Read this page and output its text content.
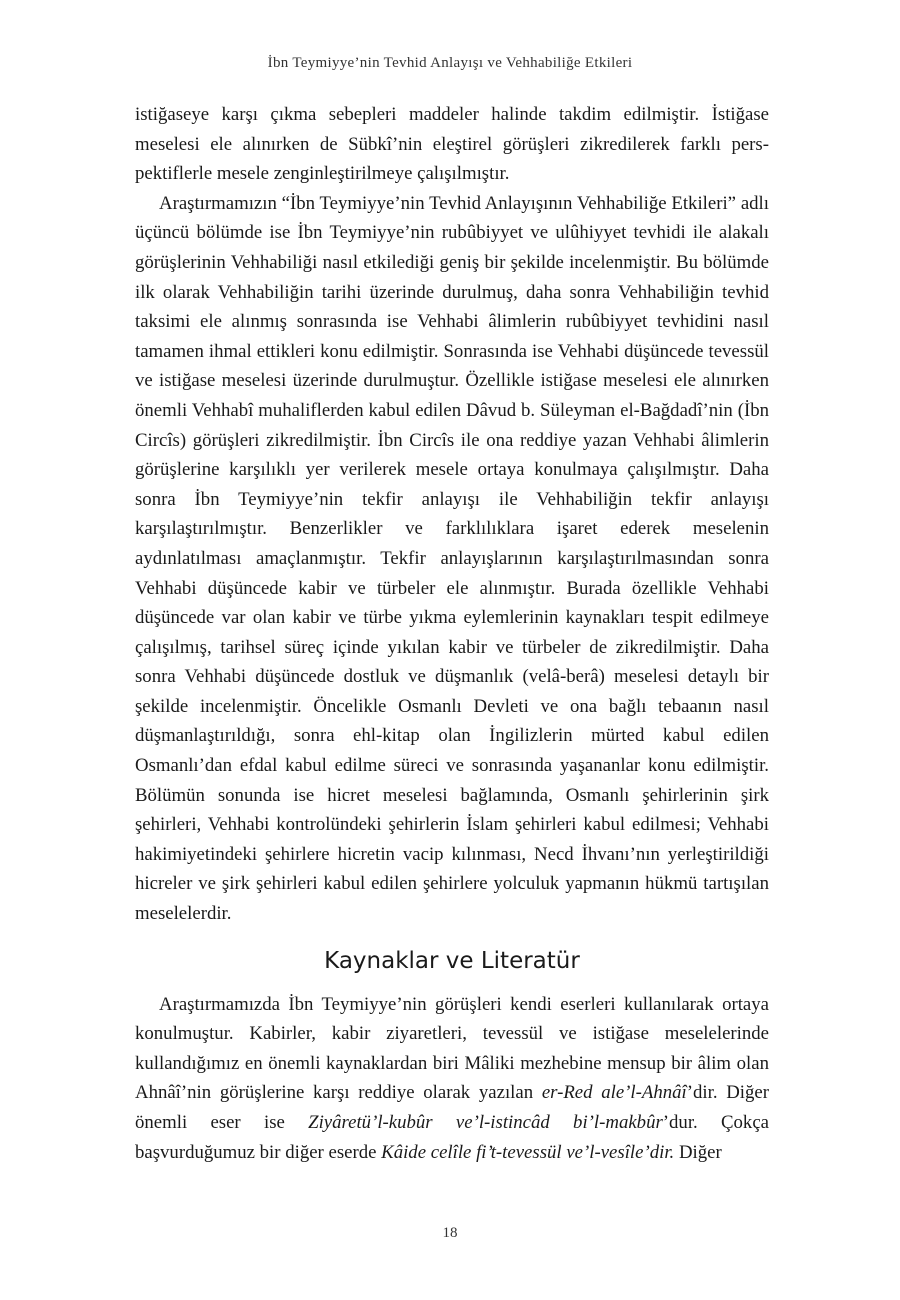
İbn Teymiyye’nin Tevhid Anlayışı ve Vehhabiliğe Etkileri

istiğaseye karşı çıkma sebepleri maddeler halinde takdim edilmiştir. İstiğase meselesi ele alınırken de Sübkî’nin eleştirel görüşleri zikredilerek farklı perspektiflerle mesele zenginleştirilmeye çalışılmıştır.

Araştırmamızın “İbn Teymiyye’nin Tevhid Anlayışının Vehhabiliğe Etkileri” adlı üçüncü bölümde ise İbn Teymiyye’nin rubûbiyyet ve ulûhiyyet tevhidi ile alakalı görüşlerinin Vehhabiliği nasıl etkilediği geniş bir şekilde incelenmiştir. Bu bölümde ilk olarak Vehhabiliğin tarihi üzerinde durulmuş, daha sonra Vehhabiliğin tevhid taksimi ele alınmış sonrasında ise Vehhabi âlimlerin rubûbiyyet tevhidini nasıl tamamen ihmal ettikleri konu edilmiştir. Sonrasında ise Vehhabi düşüncede tevessül ve istiğase meselesi üzerinde durulmuştur. Özellikle istiğase meselesi ele alınırken önemli Vehhabî muhaliflerden kabul edilen Dâvud b. Süleyman el-Bağdadî’nin (İbn Circîs) görüşleri zikredilmiştir. İbn Circîs ile ona reddiye yazan Vehhabi âlimlerin görüşlerine karşılıklı yer verilerek mesele ortaya konulmaya çalışılmıştır. Daha sonra İbn Teymiyye’nin tekfir anlayışı ile Vehhabiliğin tekfir anlayışı karşılaştırılmıştır. Benzerlikler ve farklılıklara işaret ederek meselenin aydınlatılması amaçlanmıştır. Tekfir anlayışlarının karşılaştırılmasından sonra Vehhabi düşüncede kabir ve türbeler ele alınmıştır. Burada özellikle Vehhabi düşüncede var olan kabir ve türbe yıkma eylemlerinin kaynakları tespit edilmeye çalışılmış, tarihsel süreç içinde yıkılan kabir ve türbeler de zikredilmiştir. Daha sonra Vehhabi düşüncede dostluk ve düşmanlık (velâ-berâ) meselesi detaylı bir şekilde incelenmiştir. Öncelikle Osmanlı Devleti ve ona bağlı tebaanın nasıl düşmanlaştırıldığı, sonra ehl-kitap olan İngilizlerin mürted kabul edilen Osmanlı’dan efdal kabul edilme süreci ve sonrasında yaşananlar konu edilmiştir. Bölümün sonunda ise hicret meselesi bağlamında, Osmanlı şehirlerinin şirk şehirleri, Vehhabi kontrolündeki şehirlerin İslam şehirleri kabul edilmesi; Vehhabi hakimiyetindeki şehirlere hicretin vacip kılınması, Necd İhvanı’nın yerleştirildiği hicreler ve şirk şehirleri kabul edilen şehirlere yolculuk yapmanın hükmü tartışılan meselelerdir.

Kaynaklar ve Literatür

Araştırmamızda İbn Teymiyye’nin görüşleri kendi eserleri kullanılarak ortaya konulmuştur. Kabirler, kabir ziyaretleri, tevessül ve istiğase meselelerinde kullandığımız en önemli kaynaklardan biri Mâliki mezhebine mensup bir âlim olan Ahnâî’nin görüşlerine karşı reddiye olarak yazılan er-Red ale’l-Ahnâî’dir. Diğer önemli eser ise Ziyâretü’l-kubûr ve’l-istincâd bi’l-makbûr’dur. Çokça başvurduğumuz bir diğer eserde Kâide celîle fi’t-tevessül ve’l-vesîle’dir. Diğer

18
